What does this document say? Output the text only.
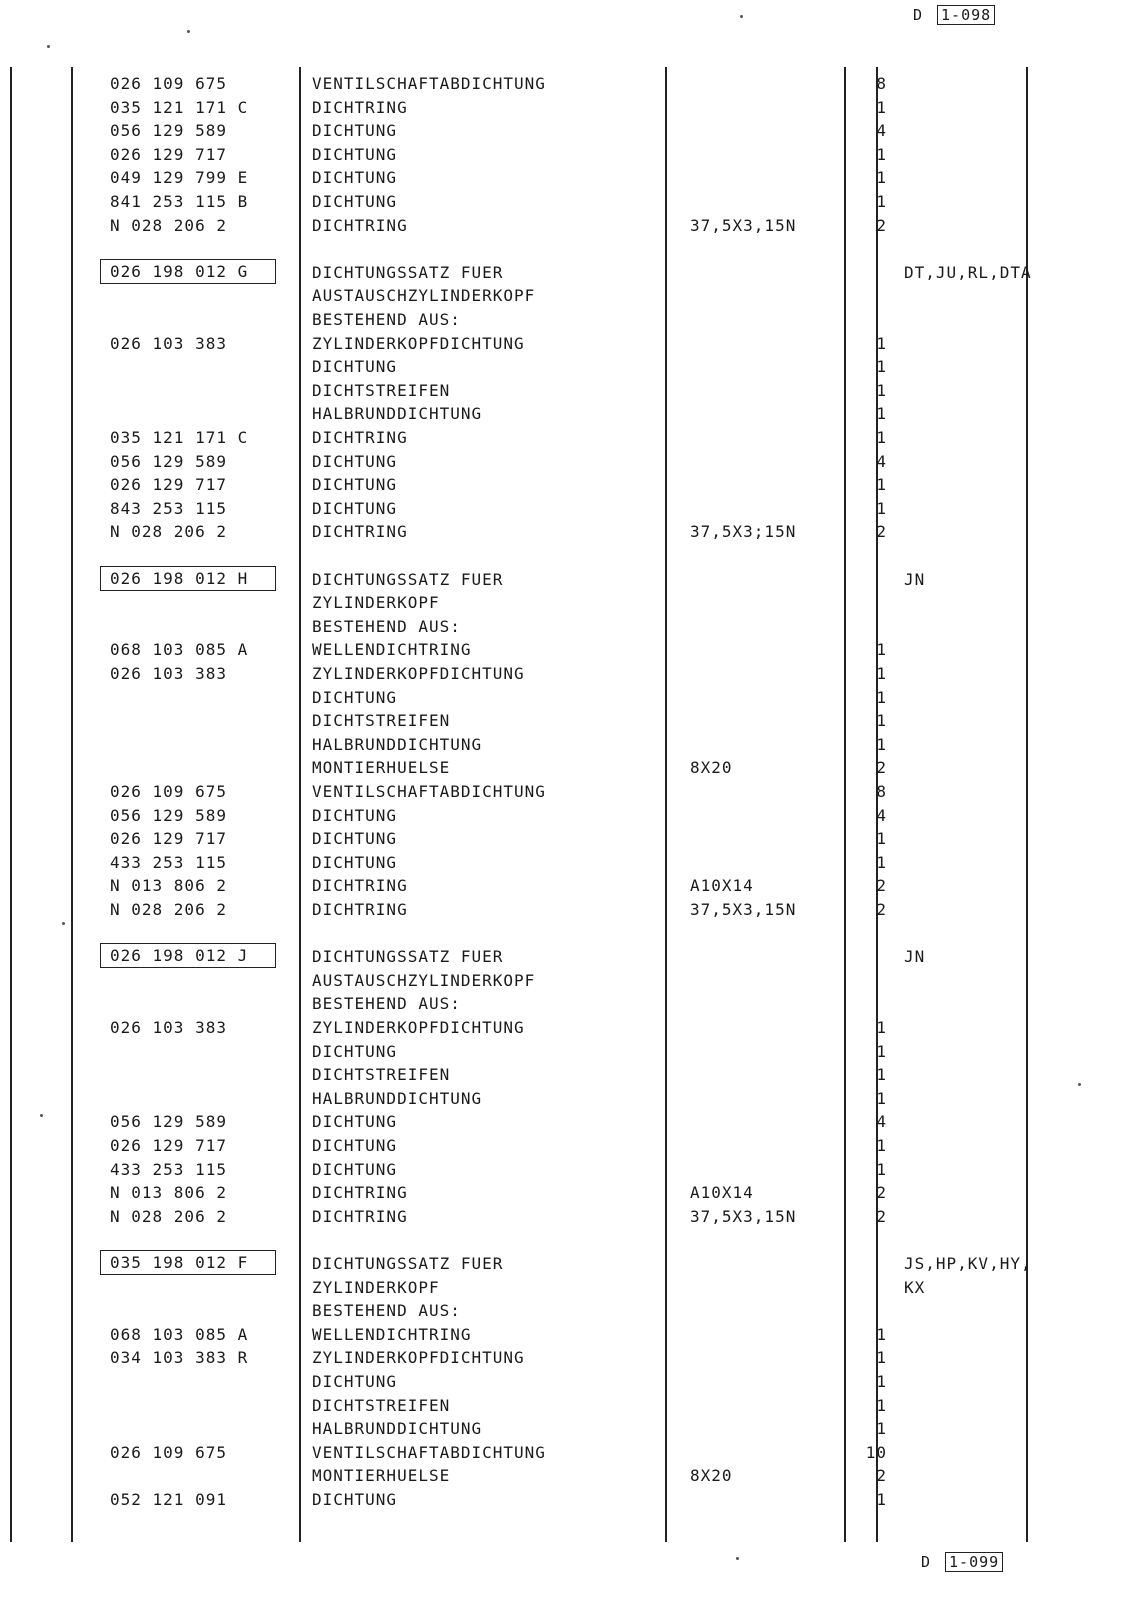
D 1-098
026 109 675	VENTILSCHAFTABDICHTUNG	8
035 121 171 C	DICHTRING	1
056 129 589	DICHTUNG	4
026 129 717	DICHTUNG	1
049 129 799 E	DICHTUNG	1
841 253 115 B	DICHTUNG	1
N 028 206 2	DICHTRING	37,5X3,15N	2
026 198 012 G	DICHTUNGSSATZ FUER	DT,JU,RL,DTA
AUSTAUSCHZYLINDERKOPF
BESTEHEND AUS:
026 103 383	ZYLINDERKOPFDICHTUNG	1
DICHTUNG	1
DICHTSTREIFEN	1
HALBRUNDDICHTUNG	1
035 121 171 C	DICHTRING	1
056 129 589	DICHTUNG	4
026 129 717	DICHTUNG	1
843 253 115	DICHTUNG	1
N 028 206 2	DICHTRING	37,5X3;15N	2
026 198 012 H	DICHTUNGSSATZ FUER	JN
ZYLINDERKOPF
BESTEHEND AUS:
068 103 085 A	WELLENDICHTRING	1
026 103 383	ZYLINDERKOPFDICHTUNG	1
DICHTUNG	1
DICHTSTREIFEN	1
HALBRUNDDICHTUNG	1
MONTIERHUELSE	8X20	2
026 109 675	VENTILSCHAFTABDICHTUNG	8
056 129 589	DICHTUNG	4
026 129 717	DICHTUNG	1
433 253 115	DICHTUNG	1
N 013 806 2	DICHTRING	A10X14	2
N 028 206 2	DICHTRING	37,5X3,15N	2
026 198 012 J	DICHTUNGSSATZ FUER	JN
AUSTAUSCHZYLINDERKOPF
BESTEHEND AUS:
026 103 383	ZYLINDERKOPFDICHTUNG	1
DICHTUNG	1
DICHTSTREIFEN	1
HALBRUNDDICHTUNG	1
056 129 589	DICHTUNG	4
026 129 717	DICHTUNG	1
433 253 115	DICHTUNG	1
N 013 806 2	DICHTRING	A10X14	2
N 028 206 2	DICHTRING	37,5X3,15N	2
035 198 012 F	DICHTUNGSSATZ FUER	JS,HP,KV,HY,
ZYLINDERKOPF	KX
BESTEHEND AUS:
068 103 085 A	WELLENDICHTRING	1
034 103 383 R	ZYLINDERKOPFDICHTUNG	1
DICHTUNG	1
DICHTSTREIFEN	1
HALBRUNDDICHTUNG	1
026 109 675	VENTILSCHAFTABDICHTUNG	10
MONTIERHUELSE	8X20	2
052 121 091	DICHTUNG	1
D 1-099
